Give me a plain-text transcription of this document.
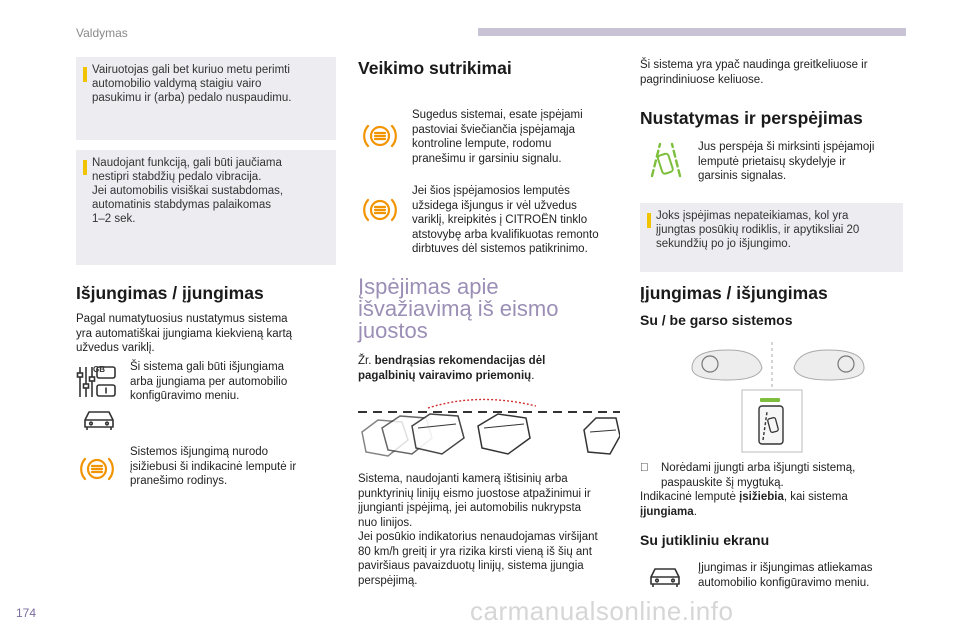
Valdymas
Vairuotojas gali bet kuriuo metu perimti
automobilio valdymą staigiu vairo
pasukimu ir (arba) pedalo nuspaudimu.
Naudojant funkciją, gali būti jaučiama
nestipri stabdžių pedalo vibracija.
Jei automobilis visiškai sustabdomas,
automatinis stabdymas palaikomas
1–2 sek.
Išjungimas / įjungimas
Pagal numatytuosius nustatymus sistema
yra automatiškai įjungiama kiekvieną kartą
užvedus variklį.
GB Ši sistema gali būti išjungiama
arba įjungiama per automobilio
konfigūravimo meniu.
Sistemos išjungimą nurodo
įsižiebusi ši indikacinė lemputė ir
pranešimo rodinys.
Veikimo sutrikimai
Sugedus sistemai, esate įspėjami
pastoviai šviečiančia įspėjamąja
kontroline lempute, rodomu
pranešimu ir garsiniu signalu.
Jei šios įspėjamosios lemputės
užsidega išjungus ir vėl užvedus
variklį, kreipkitės į CITROËN tinklo
atstovybę arba kvalifikuotas remonto
dirbtuves dėl sistemos patikrinimo.
Įspėjimas apie
išvažiavimą iš eismo
juostos
Žr. bendrąsias rekomendacijas dėl
pagalbinių vairavimo priemonių.
Sistema, naudojanti kamerą ištisinių arba
punktyrinių linijų eismo juostose atpažinimui ir
įjungianti įspėjimą, jei automobilis nukrypsta
nuo linijos.
Jei posūkio indikatorius nenaudojamas viršijant
80 km/h greitį ir yra rizika kirsti vieną iš šių ant
paviršiaus pavaizduotų linijų, sistema įjungia
perspėjimą.
Ši sistema yra ypač naudinga greitkeliuose ir
pagrindiniuose keliuose.
Nustatymas ir perspėjimas
Jus perspėja ši mirksinti įspėjamoji
lemputė prietaisų skydelyje ir
garsinis signalas.
Joks įspėjimas nepateikiamas, kol yra
įjungtas posūkių rodiklis, ir apytiksliai 20
sekundžių po jo išjungimo.
Įjungimas / išjungimas
Su / be garso sistemos
Norėdami įjungti arba išjungti sistemą,
paspauskite šį mygtuką.
Indikacinė lemputė įsižiebia, kai sistema
įjungiama.
Su jutikliniu ekranu
Įjungimas ir išjungimas atliekamas
automobilio konfigūravimo meniu.
174	carmanualsonline.info
